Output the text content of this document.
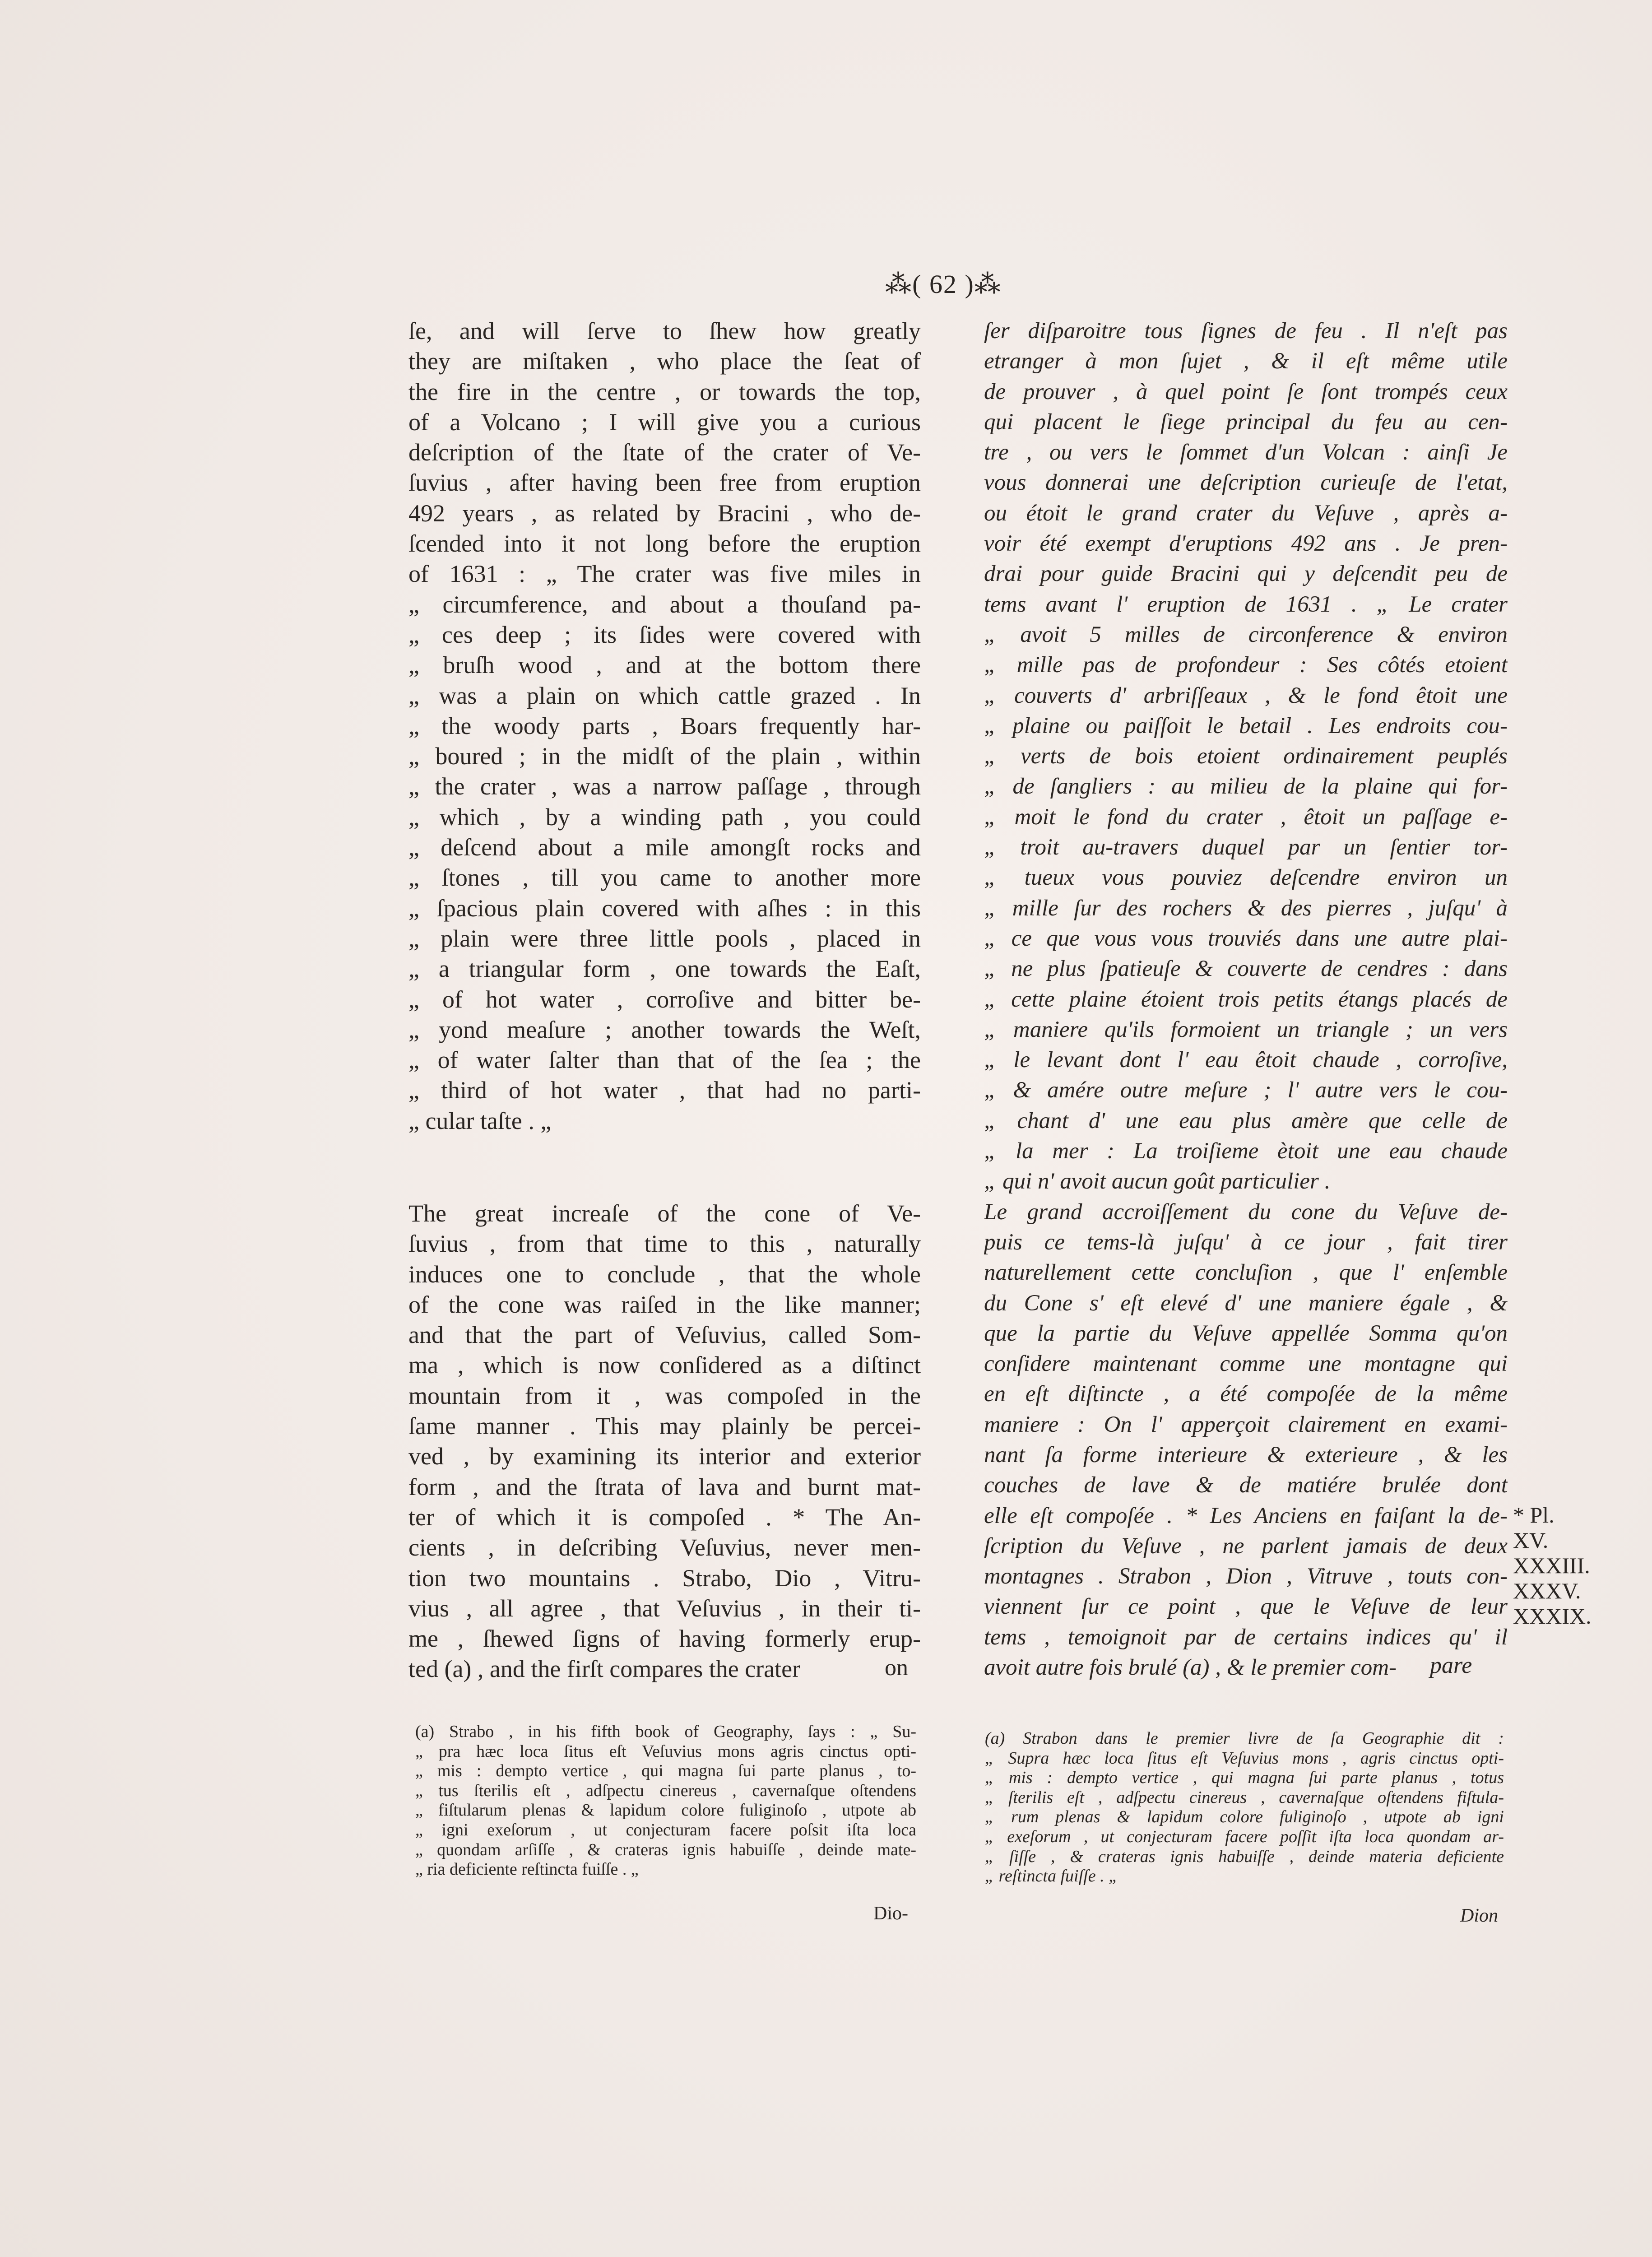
⁂( 62 )⁂
ſe, and will ſerve to ſhew how greatly
they are miſtaken , who place the ſeat of
the fire in the centre , or towards the top,
of a Volcano ; I will give you a curious
deſcription of the ſtate of the crater of Ve-
ſuvius , after having been free from eruption
492 years , as related by Bracini , who de-
ſcended into it not long before the eruption
of 1631 : „ The crater was five miles in
„ circumference, and about a thouſand pa-
„ ces deep ; its ſides were covered with
„ bruſh wood , and at the bottom there
„ was a plain on which cattle grazed . In
„ the woody parts , Boars frequently har-
„ boured ; in the midſt of the plain , within
„ the crater , was a narrow paſſage , through
„ which , by a winding path , you could
„ deſcend about a mile amongſt rocks and
„ ſtones , till you came to another more
„ ſpacious plain covered with aſhes : in this
„ plain were three little pools , placed in
„ a triangular form , one towards the Eaſt,
„ of hot water , corroſive and bitter be-
„ yond meaſure ; another towards the Weſt,
„ of water ſalter than that of the ſea ; the
„ third of hot water , that had no parti-
„ cular taſte . „
The great increaſe of the cone of Ve-
ſuvius , from that time to this , naturally
induces one to conclude , that the whole
of the cone was raiſed in the like manner;
and that the part of Veſuvius, called Som-
ma , which is now conſidered as a diſtinct
mountain from it , was compoſed in the
ſame manner . This may plainly be percei-
ved , by examining its interior and exterior
form , and the ſtrata of lava and burnt mat-
ter of which it is compoſed . * The An-
cients , in deſcribing Veſuvius, never men-
tion two mountains . Strabo, Dio , Vitru-
vius , all agree , that Veſuvius , in their ti-
me , ſhewed ſigns of having formerly erup-
ted (a) , and the firſt compares the crater	on
ſer diſparoitre tous ſignes de feu . Il n'eſt pas
etranger à mon ſujet , & il eſt même utile
de prouver , à quel point ſe ſont trompés ceux
qui placent le ſiege principal du feu au cen-
tre , ou vers le ſommet d'un Volcan : ainſi Je
vous donnerai une deſcription curieuſe de l'etat,
ou étoit le grand crater du Veſuve , après a-
voir été exempt d'eruptions 492 ans . Je pren-
drai pour guide Bracini qui y deſcendit peu de
tems avant l' eruption de 1631 . „ Le crater
„ avoit 5 milles de circonference & environ
„ mille pas de profondeur : Ses côtés etoient
„ couverts d' arbriſſeaux , & le fond êtoit une
„ plaine ou paiſſoit le betail . Les endroits cou-
„ verts de bois etoient ordinairement peuplés
„ de ſangliers : au milieu de la plaine qui for-
„ moit le fond du crater , êtoit un paſſage e-
„ troit au-travers duquel par un ſentier tor-
„ tueux vous pouviez deſcendre environ un
„ mille ſur des rochers & des pierres , juſqu' à
„ ce que vous vous trouviés dans une autre plai-
„ ne plus ſpatieuſe & couverte de cendres : dans
„ cette plaine étoient trois petits étangs placés de
„ maniere qu'ils formoient un triangle ; un vers
„ le levant dont l' eau êtoit chaude , corroſive,
„ & amére outre meſure ; l' autre vers le cou-
„ chant d' une eau plus amère que celle de
„ la mer : La troiſieme ètoit une eau chaude
„ qui n' avoit aucun goût particulier .
Le grand accroiſſement du cone du Veſuve de-
puis ce tems-là juſqu' à ce jour , fait tirer
naturellement cette concluſion , que l' enſemble
du Cone s' eſt elevé d' une maniere égale , &
que la partie du Veſuve appellée Somma qu'on
conſidere maintenant comme une montagne qui
en eſt diſtincte , a été compoſée de la même
maniere : On l' apperçoit clairement en exami-
nant ſa forme interieure & exterieure , & les
couches de lave & de matiére brulée dont
elle eſt compoſée . * Les Anciens en faiſant la de-
ſcription du Veſuve , ne parlent jamais de deux
montagnes . Strabon , Dion , Vitruve , touts con-
viennent ſur ce point , que le Veſuve de leur
tems , temoignoit par de certains indices qu' il
avoit autre fois brulé (a) , & le premier com-	pare
* Pl.
XV.
XXXIII.
XXXV.
XXXIX.
(a) Strabo , in his fifth book of Geography, ſays : „ Su-
„ pra hæc loca ſitus eſt Veſuvius mons agris cinctus opti-
„ mis : dempto vertice , qui magna ſui parte planus , to-
„ tus ſterilis eſt , adſpectu cinereus , cavernaſque oſtendens
„ fiſtularum plenas & lapidum colore fuliginoſo , utpote ab
„ igni exeſorum , ut conjecturam facere poſsit iſta loca
„ quondam arſiſſe , & crateras ignis habuiſſe , deinde mate-
„ ria deficiente reſtincta fuiſſe . „
Dio-
(a) Strabon dans le premier livre de ſa Geographie dit :
„ Supra hæc loca ſitus eſt Veſuvius mons , agris cinctus opti-
„ mis : dempto vertice , qui magna ſui parte planus , totus
„ ſterilis eſt , adſpectu cinereus , cavernaſque oſtendens fiſtula-
„ rum plenas & lapidum colore fuliginoſo , utpote ab igni
„ exeſorum , ut conjecturam facere poſſit iſta loca quondam ar-
„ ſiſſe , & crateras ignis habuiſſe , deinde materia deficiente
„ reſtincta fuiſſe . „
Dion
